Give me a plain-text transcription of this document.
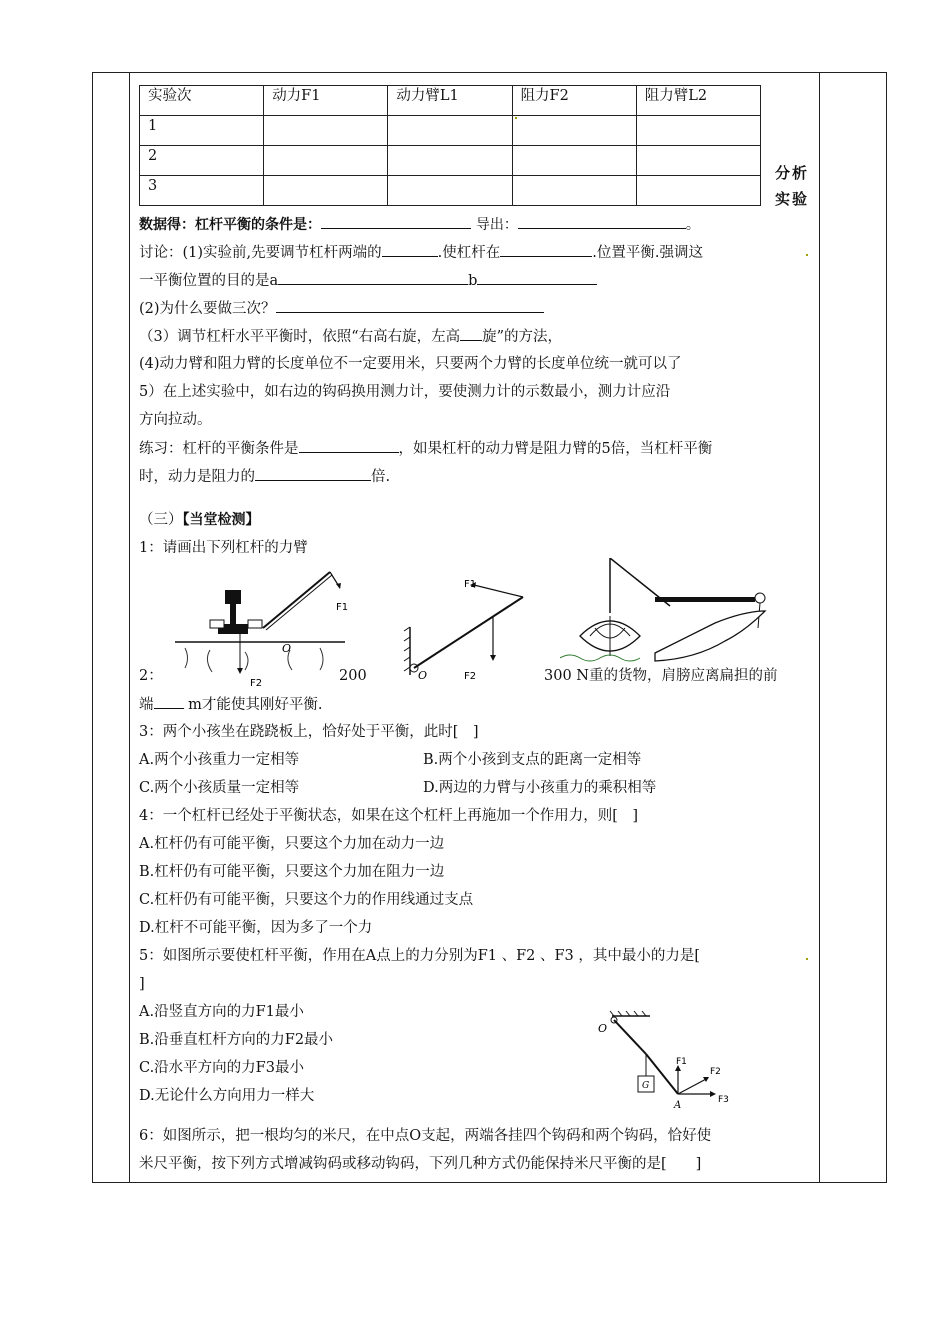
分析
实验
实验次	动力F1	动力臂L1	阻力F2	阻力臂L2
1				
2				
3				
数据得：杠杆平衡的条件是：	导出：	。
讨论：(1)实验前,先要调节杠杆两端的	.使杠杆在	.位置平衡.强调这
一平衡位置的目的是a	b
(2)为什么要做三次？
（3）调节杠杆水平平衡时，依照“右高右旋，左高 旋”的方法，
(4)动力臂和阻力臂的长度单位不一定要用米，只要两个力臂的长度单位统一就可以了
5）在上述实验中，如右边的钩码换用测力计，要使测力计的示数最小，测力计应沿
方向拉动。
练习：杠杆的平衡条件是	，如果杠杆的动力臂是阻力臂的5倍，当杠杆平衡
时，动力是阻力的	倍.
（三）【当堂检测】
1：请画出下列杠杆的力臂
F1
F2
O
F1
F2
O
2：	200	300 N重的货物，肩膀应离扁担的前
端 m才能使其刚好平衡.
3：两个小孩坐在跷跷板上，恰好处于平衡，此时[　]
A.两个小孩重力一定相等	B.两个小孩到支点的距离一定相等
C.两个小孩质量一定相等	D.两边的力臂与小孩重力的乘积相等
4：一个杠杆已经处于平衡状态，如果在这个杠杆上再施加一个作用力，则[　]
A.杠杆仍有可能平衡，只要这个力加在动力一边
B.杠杆仍有可能平衡，只要这个力加在阻力一边
C.杠杆仍有可能平衡，只要这个力的作用线通过支点
D.杠杆不可能平衡，因为多了一个力
5：如图所示要使杠杆平衡，作用在A点上的力分别为F1 、F2 、F3 ，其中最小的力是[
]
A.沿竖直方向的力F1最小
B.沿垂直杠杆方向的力F2最小
C.沿水平方向的力F3最小
D.无论什么方向用力一样大
O
G
A
F1
F2
F3
6：如图所示，把一根均匀的米尺，在中点O支起，两端各挂四个钩码和两个钩码，恰好使
米尺平衡，按下列方式增减钩码或移动钩码，下列几种方式仍能保持米尺平衡的是[　　]
